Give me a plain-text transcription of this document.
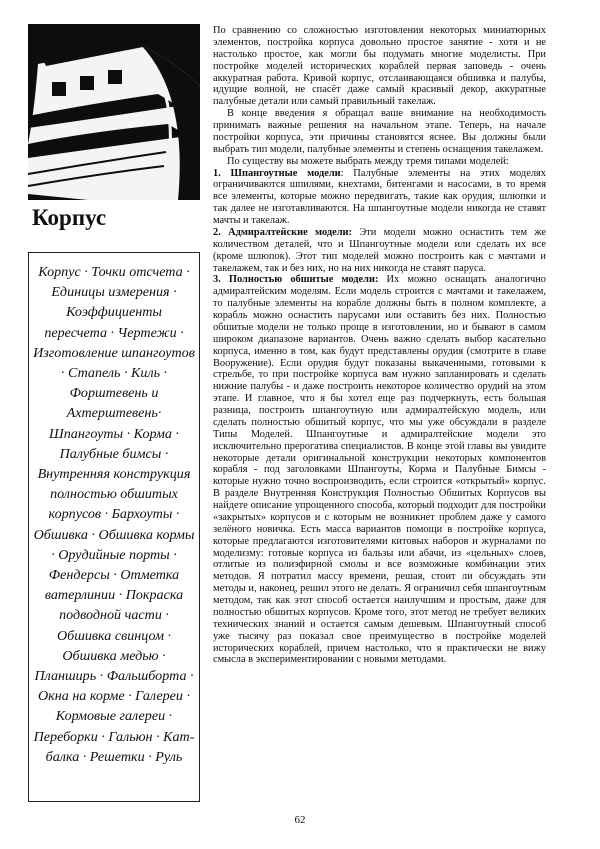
Корпус

Корпус · Точки отсчета · Единицы измерения · Коэффициенты пересчета · Чертежи · Изготовление шпангоутов · Стапель · Киль · Форштевень и Ахтерштевень· Шпангоуты · Корма · Палубные бимсы · Внутренняя конструкция полностью обшитых корпусов · Бархоуты · Обшивка · Обшивка кормы · Орудийные порты · Фендерсы · Отметка ватерлинии · Покраска подводной части · Обшивка свинцом · Обшивка медью · Планширь · Фальшборта · Окна на корме · Галереи · Кормовые галереи · Переборки · Гальюн · Кат-балка · Решетки · Руль

По сравнению со сложностью изготовления некоторых миниатюрных элементов, постройка корпуса довольно простое занятие - хотя и не настолько простое, как могли бы подумать многие моделисты. При постройке моделей исторических кораблей первая заповедь - очень аккуратная работа. Кривой корпус, отслаивающаяся обшивка и палубы, идущие волной, не спасёт даже самый красивый декор, аккуратные палубные детали или самый правильный такелаж.

В конце введения я обращал ваше внимание на необходимость принимать важные решения на начальном этапе. Теперь, на начале постройки корпуса, эти причины становятся яснее. Вы должны были выбрать тип модели, палубные элементы и степень оснащения такелажем.

По существу вы можете выбрать между тремя типами моделей:

1. Шпангоутные модели: Палубные элементы на этих моделях ограничиваются шпилями, кнехтами, битенгами и насосами, в то время все элементы, которые можно передвигать, такие как орудия, шлюпки и так далее не изготавливаются. На шпангоутные модели никогда не ставят мачты и такелаж.

2. Адмиралтейские модели: Эти модели можно оснастить тем же количеством деталей, что и Шпангоутные модели или сделать их все (кроме шлюпок). Этот тип моделей можно построить как с мачтами и такелажем, так и без них, но на них никогда не ставят паруса.

3. Полностью обшитые модели: Их можно оснащать аналогично адмиралтейским моделям. Если модель строится с мачтами и такелажем, то палубные элементы на корабле должны быть в полном комплекте, а корабль можно оснастить парусами или оставить без них. Полностью обшитые модели не только проще в изготовлении, но и бывают в самом широком диапазоне вариантов. Очень важно сделать выбор касательно корпуса, именно в том, как будут представлены орудия (смотрите в главе Вооружение). Если орудия будут показаны выкаченными, готовыми к стрельбе, то при постройке корпуса вам нужно запланировать и сделать нижние палубы - и даже построить некоторое количество орудий на этом этапе. И главное, что я бы хотел еще раз подчеркнуть, есть большая разница, построить шпангоутную или адмиралтейскую модель, или сделать полностью обшитый корпус, что мы уже обсуждали в разделе Типы Моделей. Шпангоутные и адмиралтейские модели это исключительно прерогатива специалистов. В конце этой главы вы увидите некоторые детали оригинальной конструкции некоторых компонентов корабля - под заголовками Шпангоуты, Корма и Палубные Бимсы - которые нужно точно воспроизводить, если строится «открытый» корпус. В разделе Внутренняя Конструкция Полностью Обшитых Корпусов вы найдете описание упрощенного способа, который подходит для постройки «закрытых» корпусов и с которым не возникнет проблем даже у самого зелёного новичка. Есть масса вариантов помощи в постройке корпуса, которые предлагаются изготовителями китовых наборов и журналами по моделизму: готовые корпуса из бальзы или абачи, из «цельных» слоев, отлитые из полиэфирной смолы и все возможные комбинации этих методов. Я потратил массу времени, решая, стоит ли обсуждать эти методы и, наконец, решил этого не делать. Я ограничил себя шпангоутным методом, так как этот способ остается наилучшим и простым, даже для полностью обшитых корпусов. Кроме того, этот метод не требует великих технических знаний и остается самым дешевым. Шпангоутный способ уже тысячу раз показал свое преимущество в постройке моделей исторических кораблей, причем настолько, что я практически не вижу смысла в экспериментировании с новыми методами.

62
